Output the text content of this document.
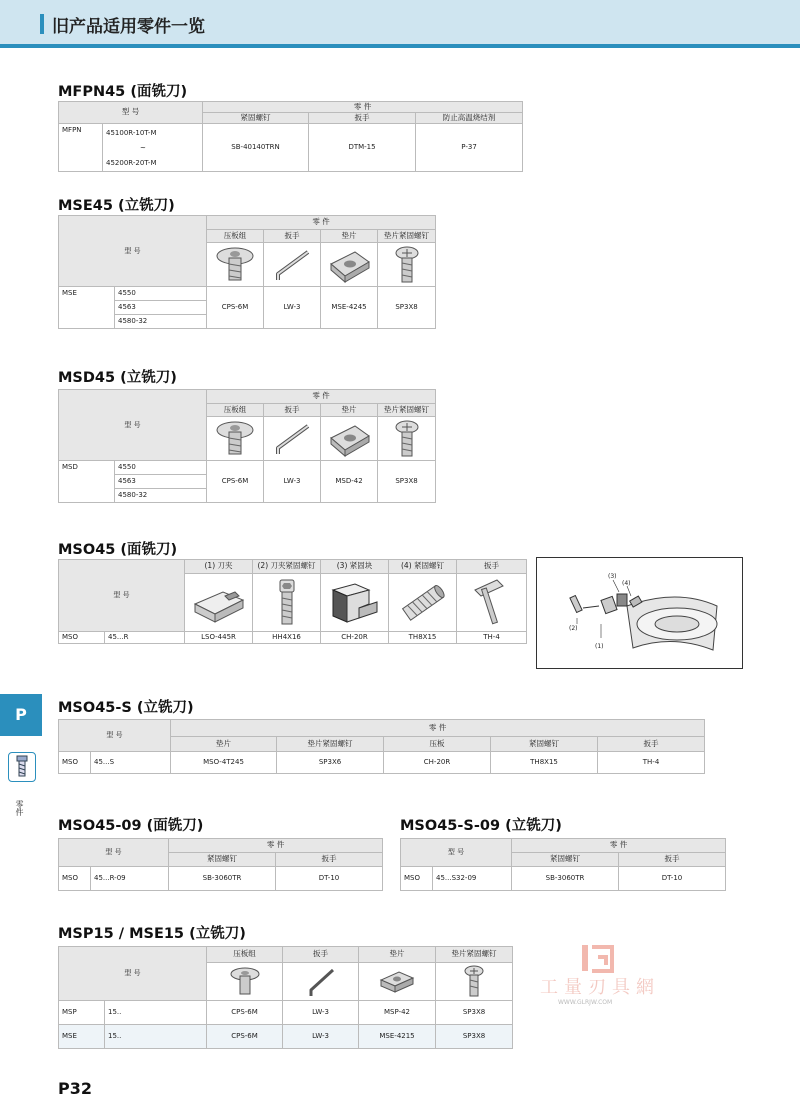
旧产品适用零件一览
P
零件
MFPN45 (面铣刀)
型 号		零 件		
		紧固螺钉	扳手	防止高温烧结剂
MFPN	45100R-10T-M
~
45200R-20T-M	SB-40140TRN	DTM-15	P-37
MSE45 (立铣刀)
型 号		零 件			
		压板组	扳手	垫片	垫片紧固螺钉

MSE	4550	CPS-6M	LW-3	MSE-4245	SP3X8
	4563				
	4580-32				
MSD45 (立铣刀)
型 号		零 件			
		压板组	扳手	垫片	垫片紧固螺钉

MSD	4550	CPS-6M	LW-3	MSD-42	SP3X8
	4563				
	4580-32				
MSO45 (面铣刀)
型 号		(1) 刀夹	(2) 刀夹紧固螺钉	(3) 紧固块	(4) 紧固螺钉	扳手

MSO	45...R	LSO-445R	HH4X16	CH-20R	TH8X15	TH-4
(1)
(2)
(3)
(4)
MSO45-S (立铣刀)
型 号		零 件				
		垫片	垫片紧固螺钉	压板	紧固螺钉	扳手
MSO	45...S	MSO-4T245	SP3X6	CH-20R	TH8X15	TH-4
MSO45-09 (面铣刀)
型 号		零 件	
		紧固螺钉	扳手
MSO	45...R-09	SB-3060TR	DT-10
MSO45-S-09 (立铣刀)
型 号		零 件	
		紧固螺钉	扳手
MSO	45...S32-09	SB-3060TR	DT-10
MSP15 / MSE15 (立铣刀)
型 号		压板组	扳手	垫片	垫片紧固螺钉

MSP	15..	CPS-6M	LW-3	MSP-42	SP3X8
MSE	15..	CPS-6M	LW-3	MSE-4215	SP3X8
工量刃具網
WWW.GLRJW.COM
P32
